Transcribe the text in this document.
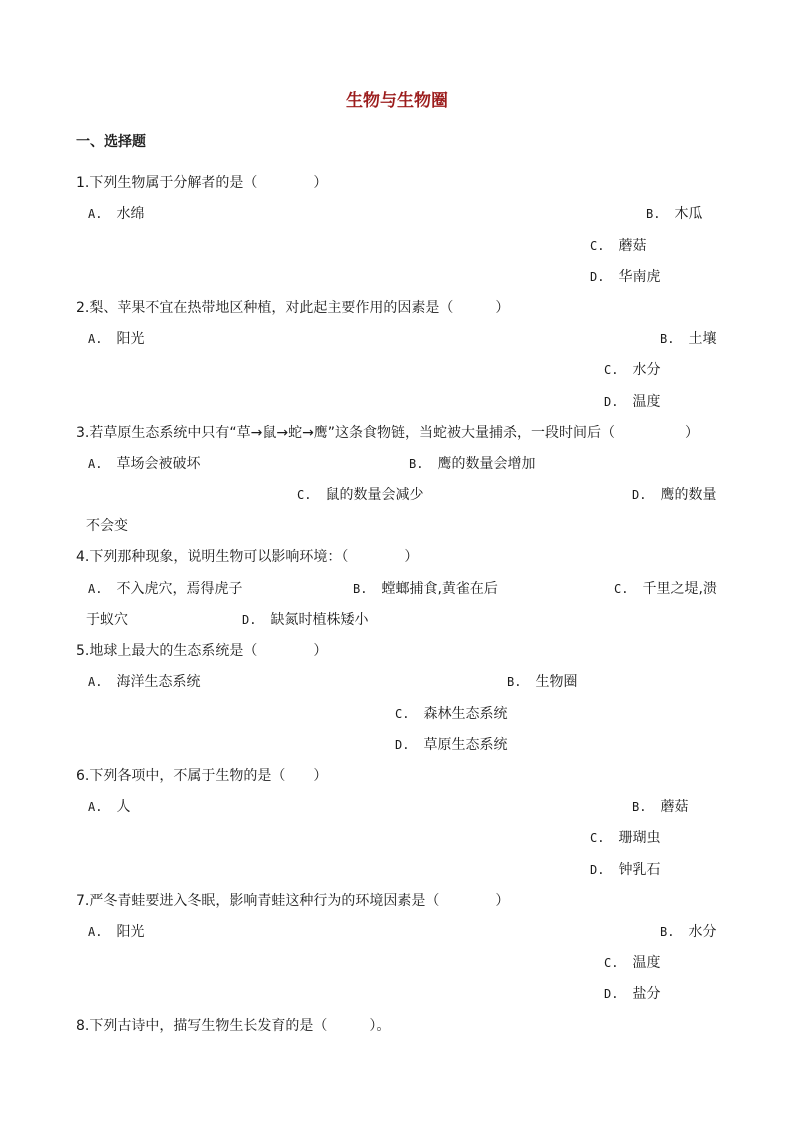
生物与生物圈
一、选择题
1.下列生物属于分解者的是（　　　　）
A. 水绵	B. 木瓜
C. 蘑菇
D. 华南虎
2.梨、苹果不宜在热带地区种植，对此起主要作用的因素是（　　　）
A. 阳光	B. 土壤
C. 水分
D. 温度
3.若草原生态系统中只有“草→鼠→蛇→鹰”这条食物链，当蛇被大量捕杀，一段时间后（　　　　　）
A. 草场会被破坏	B. 鹰的数量会增加
C. 鼠的数量会减少	D. 鹰的数量
不会变
4.下列那种现象，说明生物可以影响环境：（　　　　）
A. 不入虎穴，焉得虎子	B. 螳螂捕食,黄雀在后	C. 千里之堤,溃
于蚁穴	D. 缺氮时植株矮小
5.地球上最大的生态系统是（　　　　）
A. 海洋生态系统	B. 生物圈
C. 森林生态系统
D. 草原生态系统
6.下列各项中，不属于生物的是（　　）
A. 人	B. 蘑菇
C. 珊瑚虫
D. 钟乳石
7.严冬青蛙要进入冬眠，影响青蛙这种行为的环境因素是（　　　　）
A. 阳光	B. 水分
C. 温度
D. 盐分
8.下列古诗中，描写生物生长发育的是（　　　）。
